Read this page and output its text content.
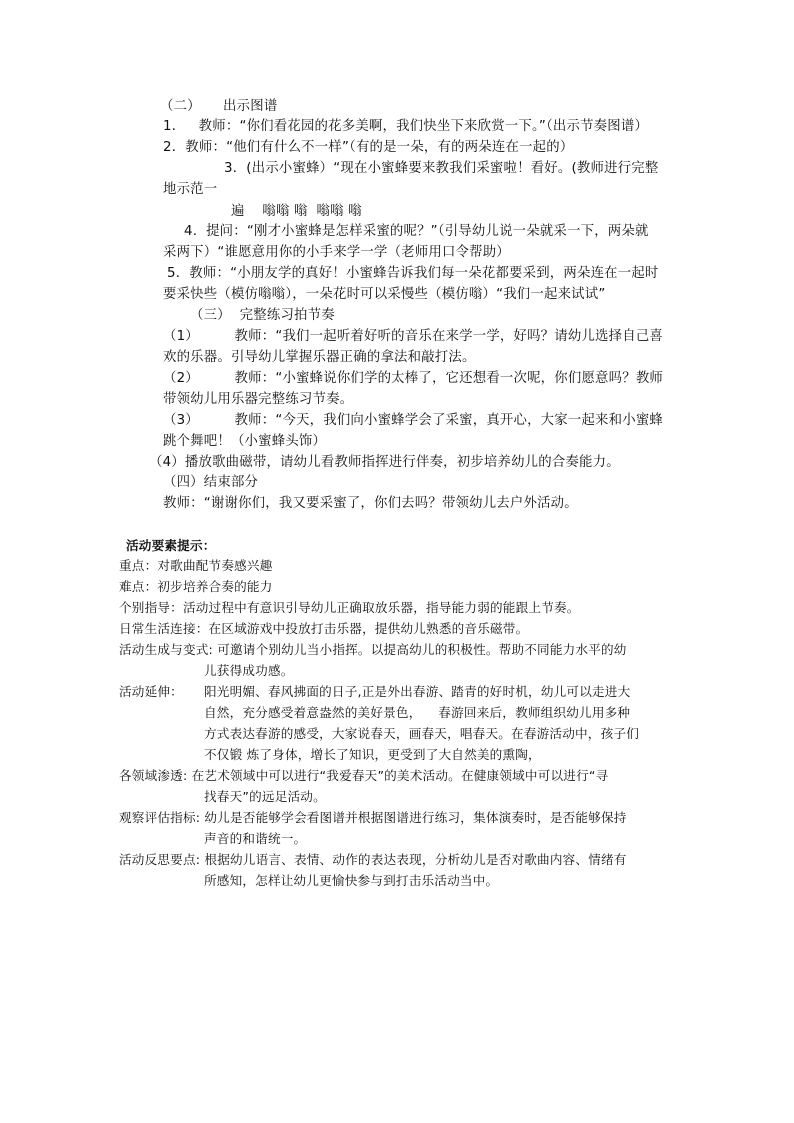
（二）     出示图谱
1．   教师：“你们看花园的花多美啊，我们快坐下来欣赏一下。”（出示节奏图谱）
2．教师：“他们有什么不一样”（有的是一朵，有的两朵连在一起的）
3．(出示小蜜蜂）“现在小蜜蜂要来教我们采蜜啦！看好。(教师进行完整
地示范一
遍    嗡嗡 嗡  嗡嗡 嗡
4.  提问：“刚才小蜜蜂是怎样采蜜的呢？”（引导幼儿说一朵就采一下，两朵就
采两下）“谁愿意用你的小手来学一学（老师用口令帮助）
5．教师：“小朋友学的真好！小蜜蜂告诉我们每一朵花都要采到，两朵连在一起时
要采快些（模仿嗡嗡），一朵花时可以采慢些（模仿嗡）“我们一起来试试”
（三）  完整练习拍节奏
（1）        教师：“我们一起听着好听的音乐在来学一学，好吗？请幼儿选择自己喜
欢的乐器。引导幼儿掌握乐器正确的拿法和敲打法。
（2）        教师：“小蜜蜂说你们学的太棒了，它还想看一次呢，你们愿意吗？教师
带领幼儿用乐器完整练习节奏。
（3）        教师：“今天，我们向小蜜蜂学会了采蜜，真开心，大家一起来和小蜜蜂
跳个舞吧！（小蜜蜂头饰）
（4）播放歌曲磁带，请幼儿看教师指挥进行伴奏，初步培养幼儿的合奏能力。
（四）结束部分
教师：“谢谢你们，我又要采蜜了，你们去吗？带领幼儿去户外活动。
活动要素提示：
重点：对歌曲配节奏感兴趣
难点：初步培养合奏的能力
个别指导：活动过程中有意识引导幼儿正确取放乐器，指导能力弱的能跟上节奏。
日常生活连接：在区域游戏中投放打击乐器，提供幼儿熟悉的音乐磁带。
活动生成与变式: 可邀请个别幼儿当小指挥。以提高幼儿的积极性。帮助不同能力水平的幼
儿获得成功感。
活动延伸： 阳光明媚、春风拂面的日子,正是外出春游、踏青的好时机，幼儿可以走进大
自然，充分感受着意盎然的美好景色，    春游回来后，教师组织幼儿用多种
方式表达春游的感受，大家说春天，画春天，唱春天。在春游活动中，孩子们
不仅锻 炼了身体，增长了知识，更受到了大自然美的熏陶，
各领域渗透: 在艺术领域中可以进行“我爱春天”的美术活动。在健康领域中可以进行“寻
找春天”的远足活动。
观察评估指标: 幼儿是否能够学会看图谱并根据图谱进行练习，集体演奏时，是否能够保持
声音的和谐统一。
活动反思要点: 根据幼儿语言、表情、动作的表达表现，分析幼儿是否对歌曲内容、情绪有
所感知，怎样让幼儿更愉快参与到打击乐活动当中。
